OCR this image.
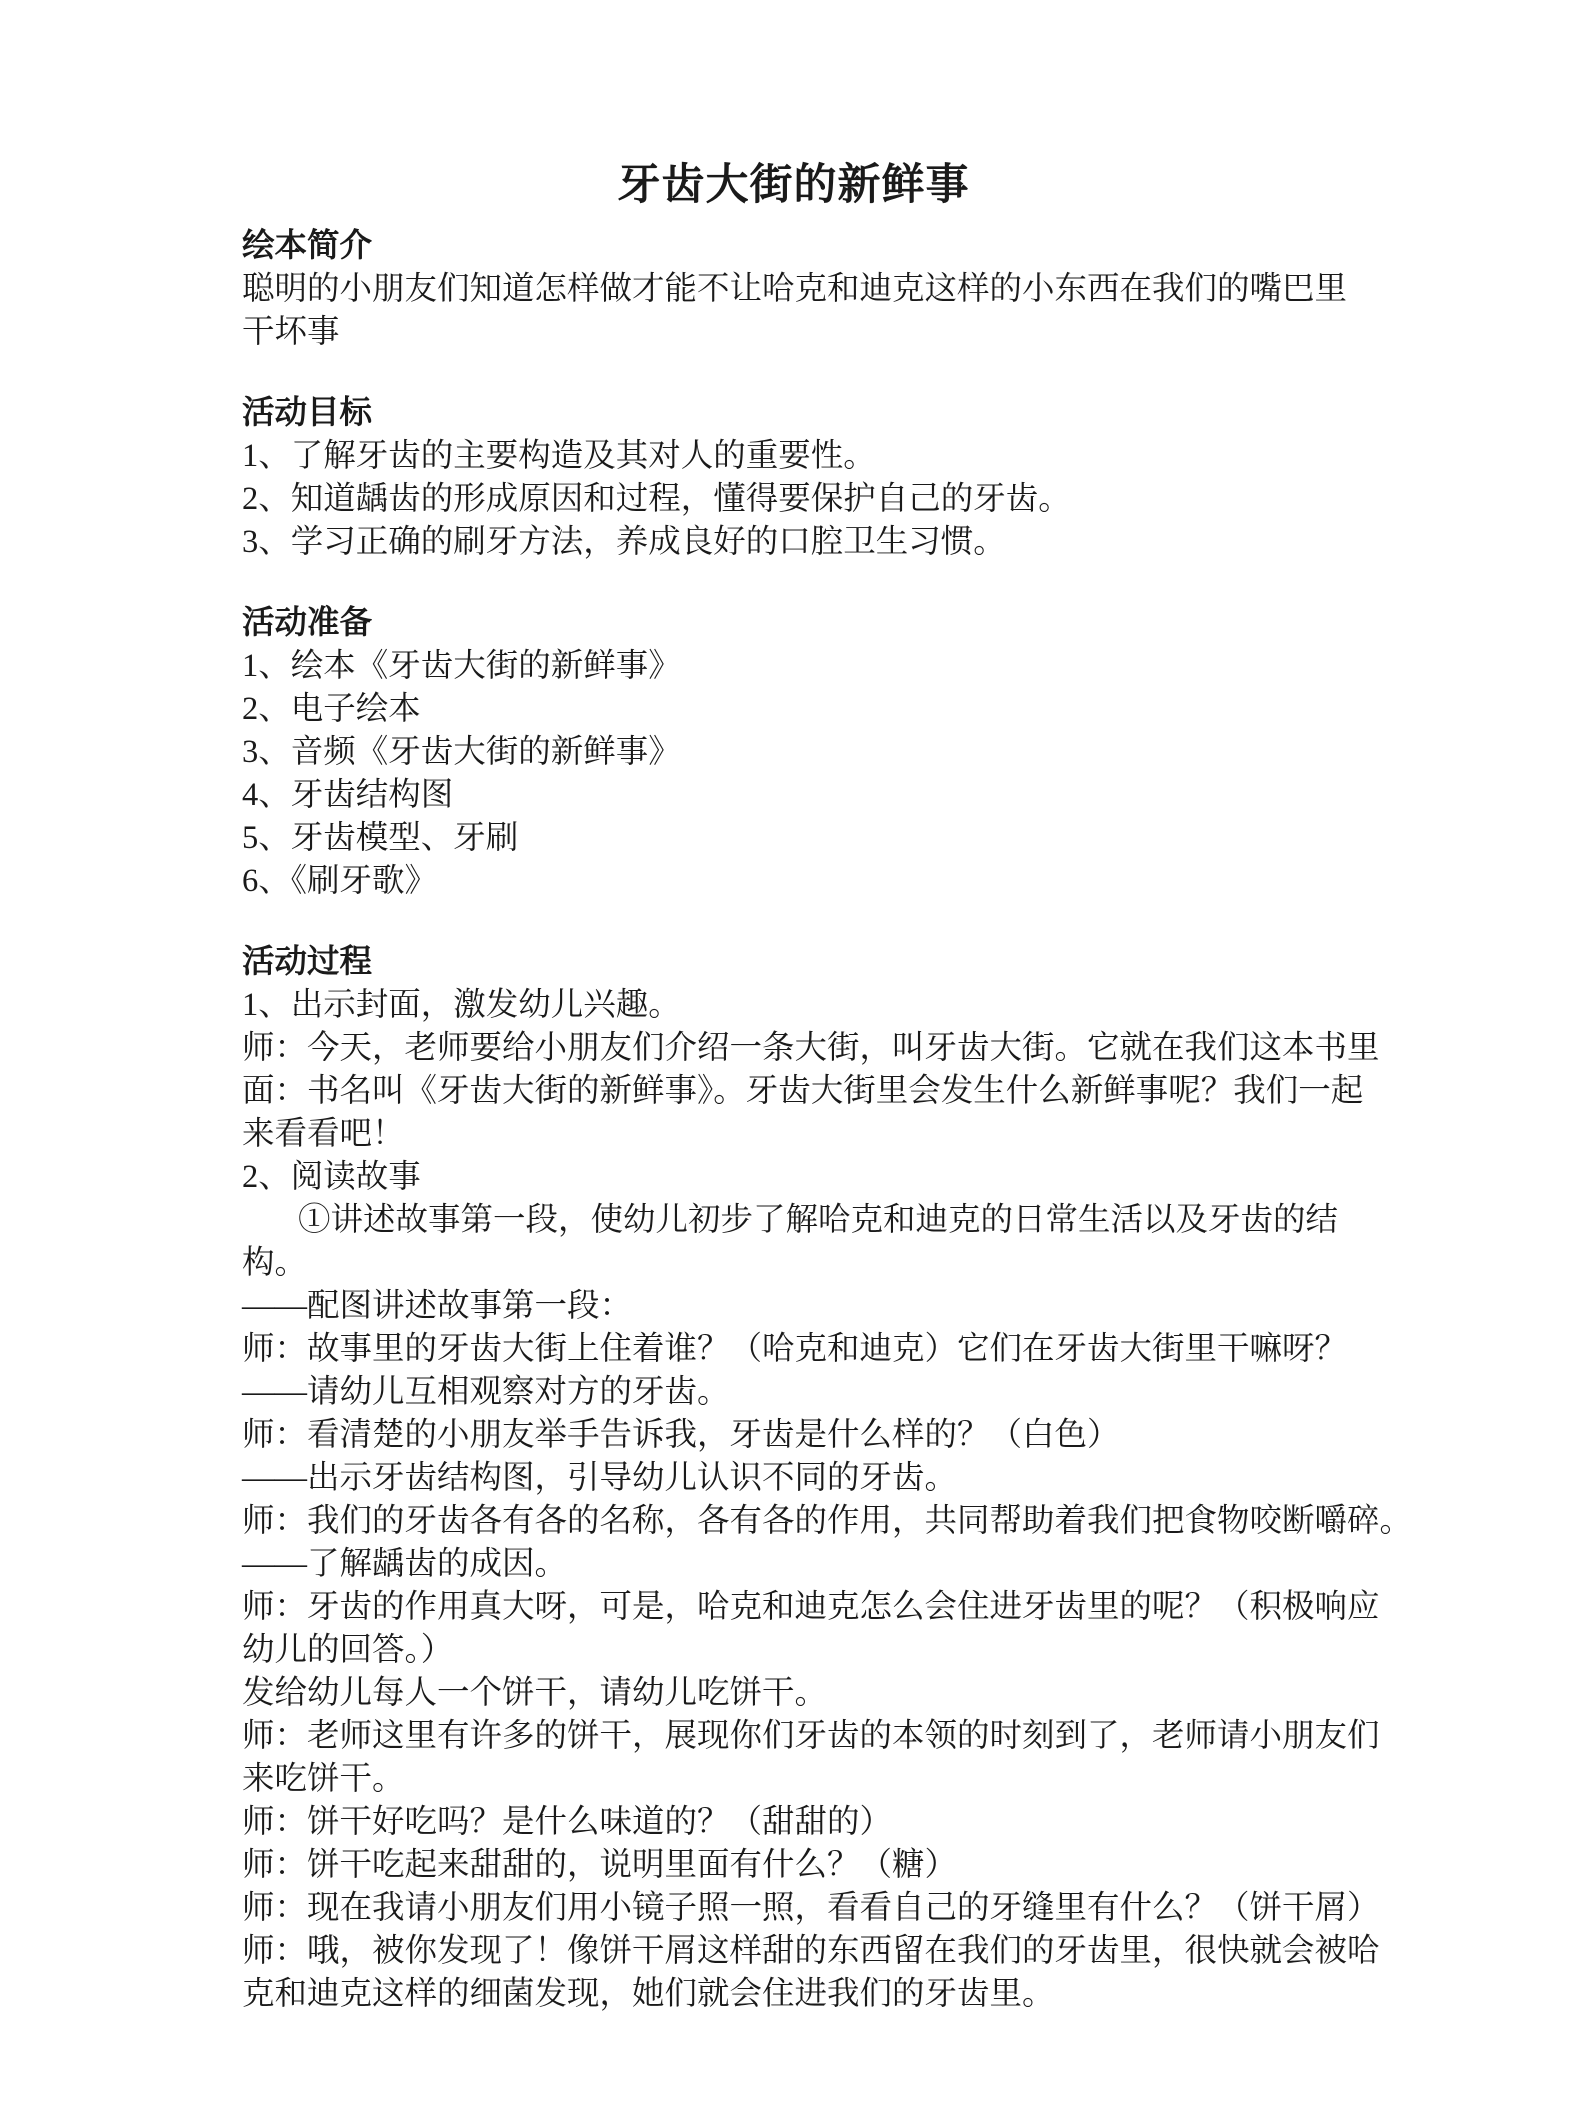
牙齿大街的新鲜事
绘本简介

聪明的小朋友们知道怎样做才能不让哈克和迪克这样的小东西在我们的嘴巴里

干坏事

活动目标

1、了解牙齿的主要构造及其对人的重要性。

2、知道龋齿的形成原因和过程，懂得要保护自己的牙齿。

3、学习正确的刷牙方法，养成良好的口腔卫生习惯。

活动准备

1、绘本《牙齿大街的新鲜事》

2、电子绘本

3、音频《牙齿大街的新鲜事》

4、牙齿结构图

5、牙齿模型、牙刷

6、《刷牙歌》

活动过程

1、出示封面，激发幼儿兴趣。

师：今天，老师要给小朋友们介绍一条大街，叫牙齿大街。它就在我们这本书里

面：书名叫《牙齿大街的新鲜事》。牙齿大街里会发生什么新鲜事呢？我们一起

来看看吧！

2、阅读故事

①讲述故事第一段，使幼儿初步了解哈克和迪克的日常生活以及牙齿的结

构。

——配图讲述故事第一段：

师：故事里的牙齿大街上住着谁？（哈克和迪克）它们在牙齿大街里干嘛呀？

——请幼儿互相观察对方的牙齿。

师：看清楚的小朋友举手告诉我，牙齿是什么样的？（白色）

——出示牙齿结构图，引导幼儿认识不同的牙齿。

师：我们的牙齿各有各的名称，各有各的作用，共同帮助着我们把食物咬断嚼碎。

——了解龋齿的成因。

师：牙齿的作用真大呀，可是，哈克和迪克怎么会住进牙齿里的呢？（积极响应

幼儿的回答。）

发给幼儿每人一个饼干，请幼儿吃饼干。

师：老师这里有许多的饼干，展现你们牙齿的本领的时刻到了，老师请小朋友们

来吃饼干。

师：饼干好吃吗？是什么味道的？（甜甜的）

师：饼干吃起来甜甜的，说明里面有什么？（糖）

师：现在我请小朋友们用小镜子照一照，看看自己的牙缝里有什么？（饼干屑）

师：哦，被你发现了！像饼干屑这样甜的东西留在我们的牙齿里，很快就会被哈

克和迪克这样的细菌发现，她们就会住进我们的牙齿里。
